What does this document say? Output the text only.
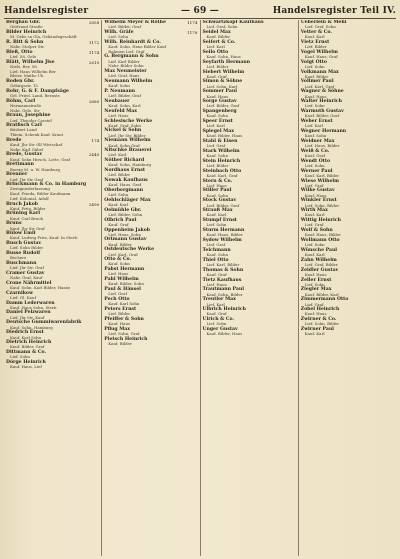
Handelsregister	— 69 —	Handelsregister Teil IV.
2858
Bergbau Gbr.
Gertraud Straße
Bilder Heinrich
M. Gebr. in Gla, Gebäudegeschäft
1172
R. Bitt & Sohn
Nahr. Stolper Str.
1174
Bleß, Otto
Lief. 58. Gele
2610
Blätt, Wilhelm Jlse
Niels, Ber, 58.
Lief. Hans Wilhelm Ber.
Bleier, Mathe Uh
Boden Gbr.
Gebirgsstr. 15
Bohr, G. & F. Dampfsäge
Gel. Fried. Land, Bernstr.
2680
Böhm, Carl
Hermannstraße
Nahr. Gele, Str
Braun, Josephine
Lief. Theoder Carstel
Bratfisch Carl
Büsbert Land
Thiem. Schenk Kauf. Kraut
174
Brede
Kauf. Jhr Str Olf Wirtschaf
Nahr. Karl Gäbel
2440
Brede, Gustav
Kauf. Sohn Hirsch, Lotte, Graf
Brettmann
Borsig M. u. W. Hamburg
Brenner
Lief. Jhr Str Graf
Brinckmann & Co. in Hamburg
Zweigniederlassung
Kauf. Frieda, Bilder Kaufmann
Lief. Kolonial. Adolf
2490
Bruch Jakob
Kauf. Fritz, Bilder
Brüning Karl
Kauf. Carl Bruck
Bruns
Kauf. Jhr Str Graf
Bülow Emil
Kauf. Ludwig Fritz, Kauf. In Sterb.
Busch Gustav
Lief. Sohn Bilder
Busse Rudolf
Bechere
Buschmann
Lief. Jhr Str. Graf
Cramer Gustav
Nahr. Graf, Kauf
Crone Nährmittel
Kauf. Sohn, Karl Bilder, Hanse
Czarnikow
Lief. Gl. Kauf
Damm Lederwaren
Kauf. Haus Sohn, Sterb.
Daniel Pelzwaren
Lief. Jhr Str, Kauf
Deutsche Gummiwarenfabrik
Kauf. Sohn, Hamburg
Diedrich Ernst
Kauf. Karl Sohn
Dietrich Heinrich
Kauf. Bilder, Graf
Dittmann & Co.
Lief. Sohn
Dörge Heinrich
Kauf. Haus, Lief
1174
Wilhelm Meyer & Rothe
Lief. Bilder, Graf
1178
Wilh. Gräfe
Lief. Sohn
Wilh. Reinhardt & Co.
Kauf. Sohn, Hans Bilder Kauf
Rahmen Lief. Graf
G. Bergmann & Sohn
Lief. Karl Bilder
Nahr. Bilder Sohn
Max Neumeister
Lief. Graf, Hans
Neumann Wilhelm
Kauf. Sohn
P. Neumann
Lief. Bilder, Graf
Neubauer
Kauf. Sohn, Karl
Neufeld Max
Lief. Haus
Schlesische Werke
Kauf. Graf, Sohn
Nickel & Sohn
Lief. Jhr Str, Bilder
Niemann Wilhelm
Kauf. Sohn Graf
Nitschke Brauerei
Lief. Karl
Nöther Richard
Kauf. Sohn, Hamburg
Nordhaus Ernst
Lief. Bilder
Nowak Kaufhaus
Kauf. Haus, Graf
Oberbergmann
Lief. Sohn
Oehlschläger Max
Kauf. Karl
Oelmühle Gbr.
Lief. Bilder, Sohn
Olbrich Paul
Kauf. Graf
Oppenheim Jakob
Lief. Haus, Sohn
Ortmann Gustav
Kauf. Bilder
Ostdeutsche Werke
Lief. Karl, Graf
Otto & Co.
Kauf. Sohn
Pabst Hermann
Lief. Haus
Pahl Wilhelm
Kauf. Bilder, Sohn
Paul & Hänsel
Lief. Graf
Pech Otto
Kauf. Karl Sohn
Peters Ernst
Lief. Bilder
Pfeiffer & Sohn
Kauf. Haus
Pflug Max
Lief. Sohn, Graf
Pietsch Heinrich
Kauf. Bilder
Schwartzkopf Kaufhaus
Lief. Graf, Sohn
Seidel Max
Kauf. Bilder
Seifert & Co.
Lief. Karl
Sello Otto
Kauf. Sohn, Haus
Seyfarth Hermann
Lief. Bilder
Siebert Wilhelm
Kauf. Graf
Simon & Söhne
Lief. Sohn, Karl
Sommer Paul
Kauf. Haus
Sorge Gustav
Lief. Bilder, Graf
Spangenberg
Kauf. Sohn
Speer Ernst
Lief. Karl
Spiegel Max
Kauf. Bilder, Haus
Stahl & Eisen
Lief. Graf
Stark Wilhelm
Kauf. Sohn
Stein Heinrich
Lief. Bilder
Steinbach Otto
Kauf. Karl, Graf
Stern & Co.
Lief. Haus
Stiller Paul
Kauf. Sohn
Stock Gustav
Lief. Bilder, Graf
Strauß Max
Kauf. Karl
Stumpf Ernst
Lief. Sohn
Sturm Hermann
Kauf. Haus, Bilder
Sydow Wilhelm
Lief. Graf
Teichmann
Kauf. Sohn
Thiel Otto
Lief. Karl, Bilder
Thomas & Sohn
Kauf. Graf
Tietz Kaufhaus
Lief. Haus
Trautmann Paul
Kauf. Sohn, Bilder
Treutler Max
Lief. Karl
Ulbrich Heinrich
Kauf. Graf
Ulrich & Co.
Lief. Sohn
Unger Gustav
Kauf. Bilder, Haus
Ueberlein & Mehl
Lief. Graf, Sohn
Vetter & Co.
Kauf. Karl
Vietz Ernst
Lief. Bilder
Vogel Wilhelm
Kauf. Haus, Graf
Voigt Otto
Lief. Sohn
Volkmann Max
Kauf. Bilder
Vollmer Paul
Lief. Karl, Graf
Wagner & Söhne
Kauf. Haus
Walter Heinrich
Lief. Sohn
Warmuth Gustav
Kauf. Bilder, Graf
Weber Ernst
Lief. Karl
Wegner Hermann
Kauf. Sohn
Weidner Max
Lief. Haus, Bilder
Weiß & Co.
Kauf. Graf
Wendt Otto
Lief. Sohn
Werner Paul
Kauf. Karl, Bilder
Wiese Wilhelm
Lief. Graf
Wilke Gustav
Kauf. Haus
Winkler Ernst
Lief. Sohn, Bilder
Wirth Max
Kauf. Karl
Wittig Heinrich
Lief. Graf
Wolf & Sohn
Kauf. Haus, Bilder
Wollmann Otto
Lief. Sohn
Wünsche Paul
Kauf. Karl
Zahn Wilhelm
Lief. Graf, Bilder
Zeidler Gustav
Kauf. Haus
Zeller Ernst
Lief. Sohn
Ziegler Max
Kauf. Bilder, Karl
Zimmermann Otto
Lief. Graf
Zobel Heinrich
Kauf. Haus
Zwirner & Co.
Lief. Sohn, Bilder
Zwirner Paul
Kauf. Karl
